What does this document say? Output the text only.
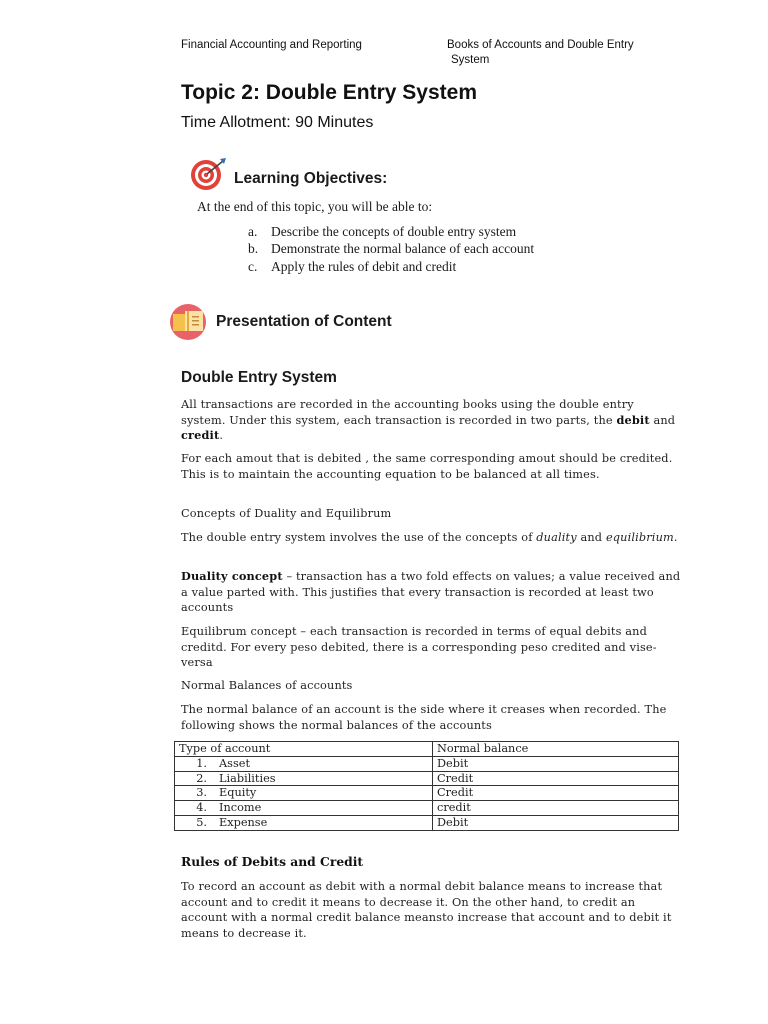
Financial Accounting and Reporting	Books of Accounts and Double Entry
System
Topic 2: Double Entry System
Time Allotment: 90 Minutes
Learning Objectives:
At the end of this topic, you will be able to:
a.	Describe the concepts of double entry system
b. Demonstrate the normal balance of each account
c.	Apply the rules of debit and credit
Presentation of Content
Double Entry System
All transactions are recorded in the accounting books using the double entry system. Under this system, each transaction is recorded in two parts, the debit and credit.
For each amout that is debited , the same corresponding amout should be credited. This is to maintain the accounting equation to be balanced at all times.
Concepts of Duality and Equilibrum
The double entry system involves the use of the concepts of duality and equilibrium.
Duality concept – transaction has a two fold effects on values; a value received and a value parted with. This justifies that every transaction is recorded at least two accounts
Equilibrum concept – each transaction is recorded in terms of equal debits and creditd. For every peso debited, there is a corresponding peso credited and vise-versa
Normal Balances of accounts
The normal balance of an account is the side where it creases when recorded. The following shows the normal balances of the accounts
Type of account	Normal balance
1. Asset	Debit
2. Liabilities	Credit
3. Equity	Credit
4. Income	credit
5. Expense	Debit
Rules of Debits and Credit
To record an account as debit with a normal debit balance means to increase that account and to credit it means to decrease it. On the other hand, to credit an account with a normal credit balance meansto increase that account and to debit it means to decrease it.
